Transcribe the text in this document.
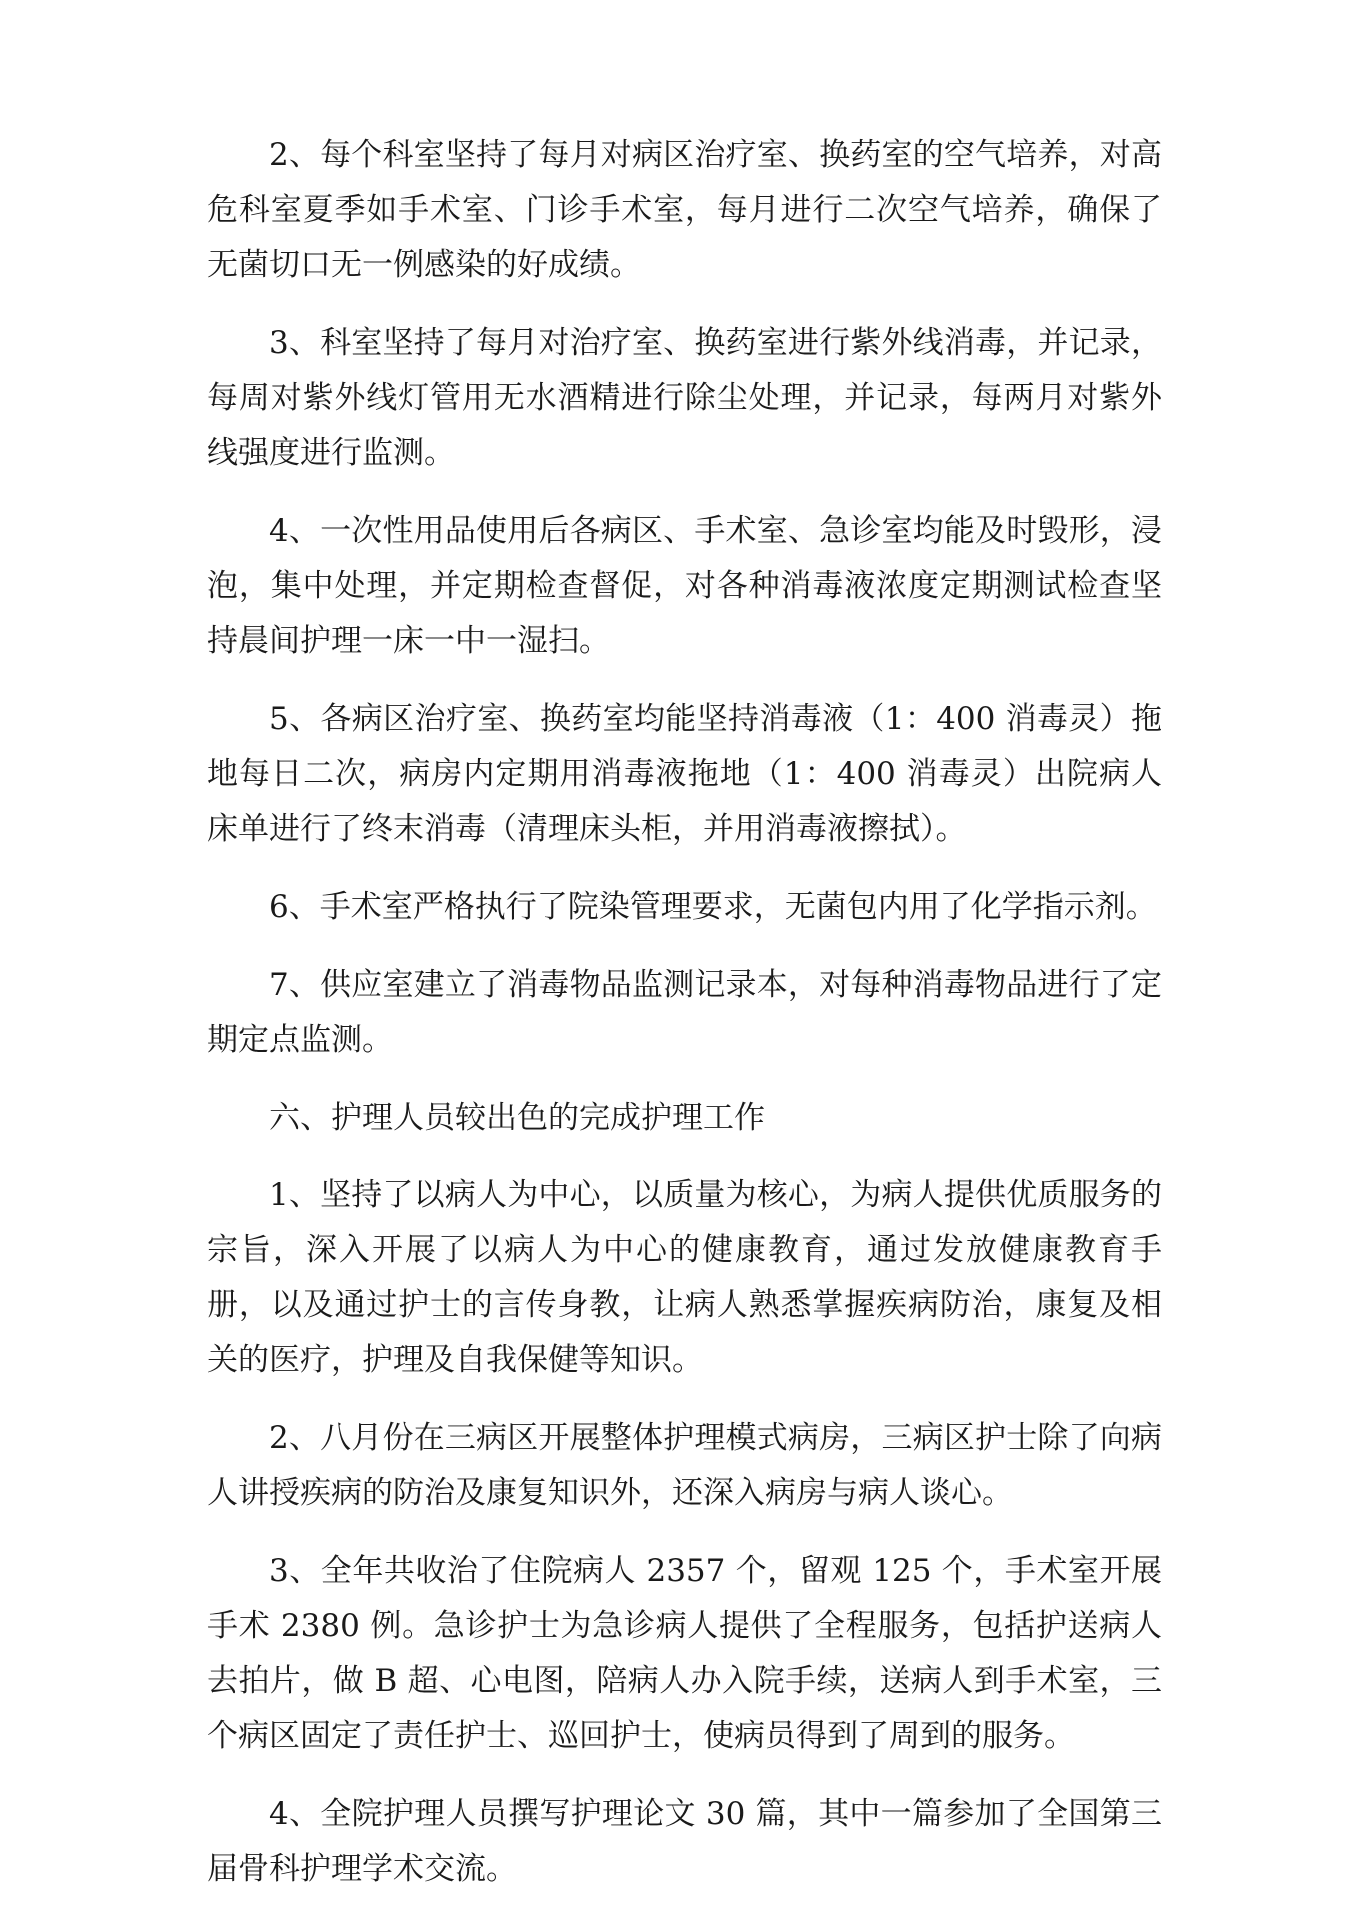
2、每个科室坚持了每月对病区治疗室、换药室的空气培养，对高危科室夏季如手术室、门诊手术室，每月进行二次空气培养，确保了无菌切口无一例感染的好成绩。

3、科室坚持了每月对治疗室、换药室进行紫外线消毒，并记录，每周对紫外线灯管用无水酒精进行除尘处理，并记录，每两月对紫外线强度进行监测。

4、一次性用品使用后各病区、手术室、急诊室均能及时毁形，浸泡，集中处理，并定期检查督促，对各种消毒液浓度定期测试检查坚持晨间护理一床一中一湿扫。

5、各病区治疗室、换药室均能坚持消毒液（1：400 消毒灵）拖地每日二次，病房内定期用消毒液拖地（1：400 消毒灵）出院病人床单进行了终末消毒（清理床头柜，并用消毒液擦拭）。

6、手术室严格执行了院染管理要求，无菌包内用了化学指示剂。

7、供应室建立了消毒物品监测记录本，对每种消毒物品进行了定期定点监测。

六、护理人员较出色的完成护理工作

1、坚持了以病人为中心，以质量为核心，为病人提供优质服务的宗旨，深入开展了以病人为中心的健康教育，通过发放健康教育手册，以及通过护士的言传身教，让病人熟悉掌握疾病防治，康复及相关的医疗，护理及自我保健等知识。

2、八月份在三病区开展整体护理模式病房，三病区护士除了向病人讲授疾病的防治及康复知识外，还深入病房与病人谈心。

3、全年共收治了住院病人 2357 个，留观 125 个，手术室开展手术 2380 例。急诊护士为急诊病人提供了全程服务，包括护送病人去拍片，做 B 超、心电图，陪病人办入院手续，送病人到手术室，三个病区固定了责任护士、巡回护士，使病员得到了周到的服务。

4、全院护理人员撰写护理论文 30 篇，其中一篇参加了全国第三届骨科护理学术交流。
